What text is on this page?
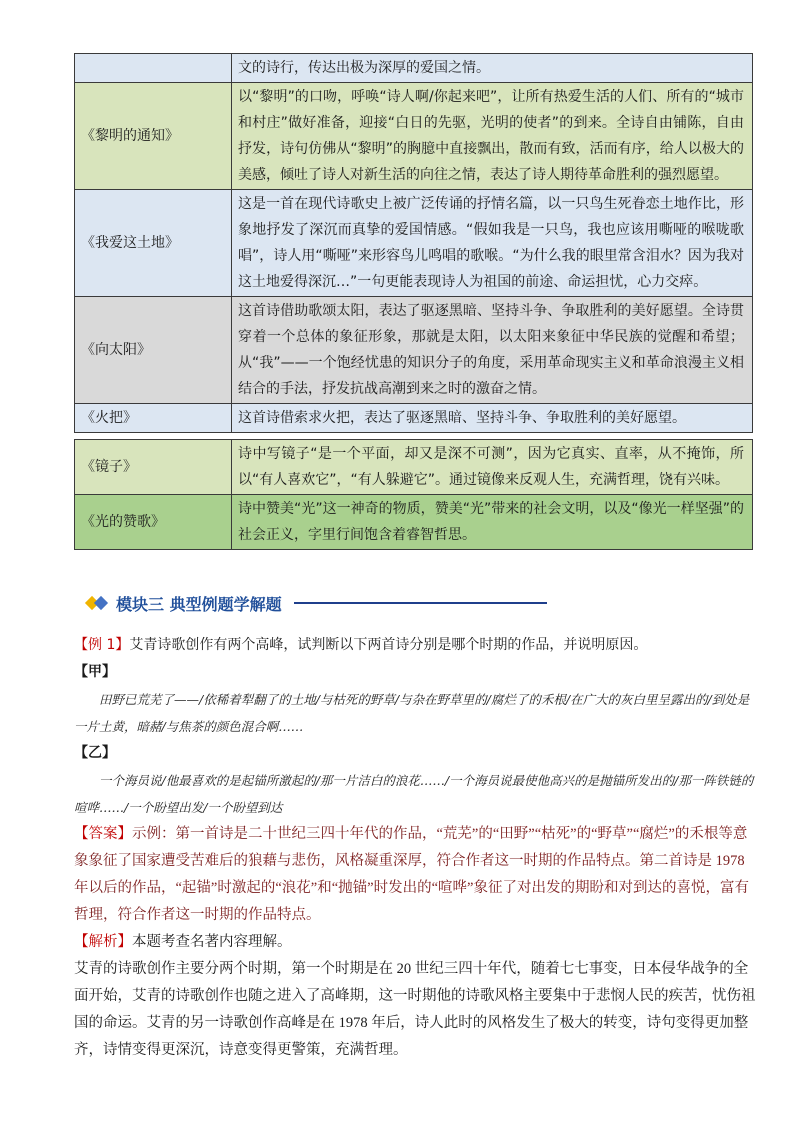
	文的诗行，传达出极为深厚的爱国之情。
《黎明的通知》	以“黎明”的口吻，呼唤“诗人啊/你起来吧”，让所有热爱生活的人们、所有的“城市和村庄”做好准备，迎接“白日的先驱，光明的使者”的到来。全诗自由铺陈，自由抒发，诗句仿佛从“黎明”的胸臆中直接飘出，散而有致，活而有序，给人以极大的美感，倾吐了诗人对新生活的向往之情，表达了诗人期待革命胜利的强烈愿望。
《我爱这土地》	这是一首在现代诗歌史上被广泛传诵的抒情名篇，以一只鸟生死眷恋土地作比，形象地抒发了深沉而真挚的爱国情感。“假如我是一只鸟，我也应该用嘶哑的喉咙歌唱”，诗人用“嘶哑”来形容鸟儿鸣唱的歌喉。“为什么我的眼里常含泪水？因为我对这土地爱得深沉…”一句更能表现诗人为祖国的前途、命运担忧，心力交瘁。
《向太阳》	这首诗借助歌颂太阳，表达了驱逐黑暗、坚持斗争、争取胜利的美好愿望。全诗贯穿着一个总体的象征形象，那就是太阳，以太阳来象征中华民族的觉醒和希望；从“我”——一个饱经忧患的知识分子的角度，采用革命现实主义和革命浪漫主义相结合的手法，抒发抗战高潮到来之时的激奋之情。
《火把》	这首诗借索求火把，表达了驱逐黑暗、坚持斗争、争取胜利的美好愿望。

《镜子》	诗中写镜子“是一个平面，却又是深不可测”，因为它真实、直率，从不掩饰，所以“有人喜欢它”，“有人躲避它”。通过镜像来反观人生，充满哲理，饶有兴味。
《光的赞歌》	诗中赞美“光”这一神奇的物质，赞美“光”带来的社会文明，以及“像光一样坚强”的社会正义，字里行间饱含着睿智哲思。
模块三 典型例题学解题

【例 1】艾青诗歌创作有两个高峰，试判断以下两首诗分别是哪个时期的作品，并说明原因。

【甲】

田野已荒芜了——/依稀着犁翻了的土地/与枯死的野草/与杂在野草里的/腐烂了的禾根/在广大的灰白里呈露出的/到处是一片土黄，暗赭/与焦茶的颜色混合啊……

【乙】

一个海员说/他最喜欢的是起锚所激起的/那一片洁白的浪花……/一个海员说最使他高兴的是抛锚所发出的/那一阵铁链的喧哗……/一个盼望出发/一个盼望到达

【答案】示例：第一首诗是二十世纪三四十年代的作品，“荒芜”的“田野”“枯死”的“野草”“腐烂”的禾根等意象象征了国家遭受苦难后的狼藉与悲伤，风格凝重深厚，符合作者这一时期的作品特点。第二首诗是 1978 年以后的作品，“起锚”时激起的“浪花”和“抛锚”时发出的“喧哗”象征了对出发的期盼和对到达的喜悦，富有哲理，符合作者这一时期的作品特点。

【解析】本题考查名著内容理解。

艾青的诗歌创作主要分两个时期，第一个时期是在 20 世纪三四十年代，随着七七事变，日本侵华战争的全面开始，艾青的诗歌创作也随之进入了高峰期，这一时期他的诗歌风格主要集中于悲悯人民的疾苦，忧伤祖国的命运。艾青的另一诗歌创作高峰是在 1978 年后，诗人此时的风格发生了极大的转变，诗句变得更加整齐，诗情变得更深沉，诗意变得更警策，充满哲理。
